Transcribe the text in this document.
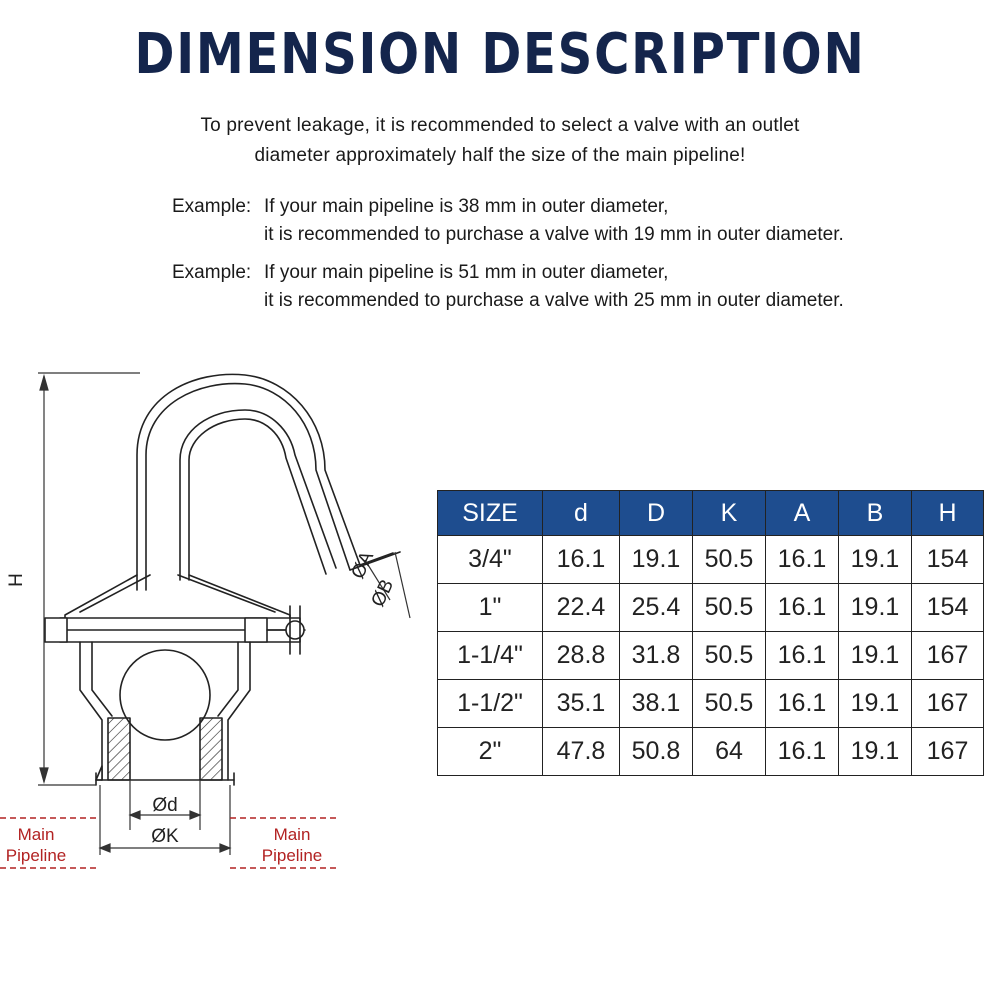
DIMENSION DESCRIPTION
To prevent leakage, it is recommended to select a valve with an outlet
diameter approximately half the size of the main pipeline!
Example: If your main pipeline is 38 mm in outer diameter,
it is recommended to purchase a valve with 19 mm in outer diameter.
Example: If your main pipeline is 51 mm in outer diameter,
it is recommended to purchase a valve with 25 mm in outer diameter.
H	ØA
ØB
Ød
ØK
Main
Pipeline
Main
Pipeline
SIZE	d	D	K	A	B	H
3/4"	16.1	19.1	50.5	16.1	19.1	154
1"	22.4	25.4	50.5	16.1	19.1	154
1-1/4"	28.8	31.8	50.5	16.1	19.1	167
1-1/2"	35.1	38.1	50.5	16.1	19.1	167
2"	47.8	50.8	64	16.1	19.1	167
